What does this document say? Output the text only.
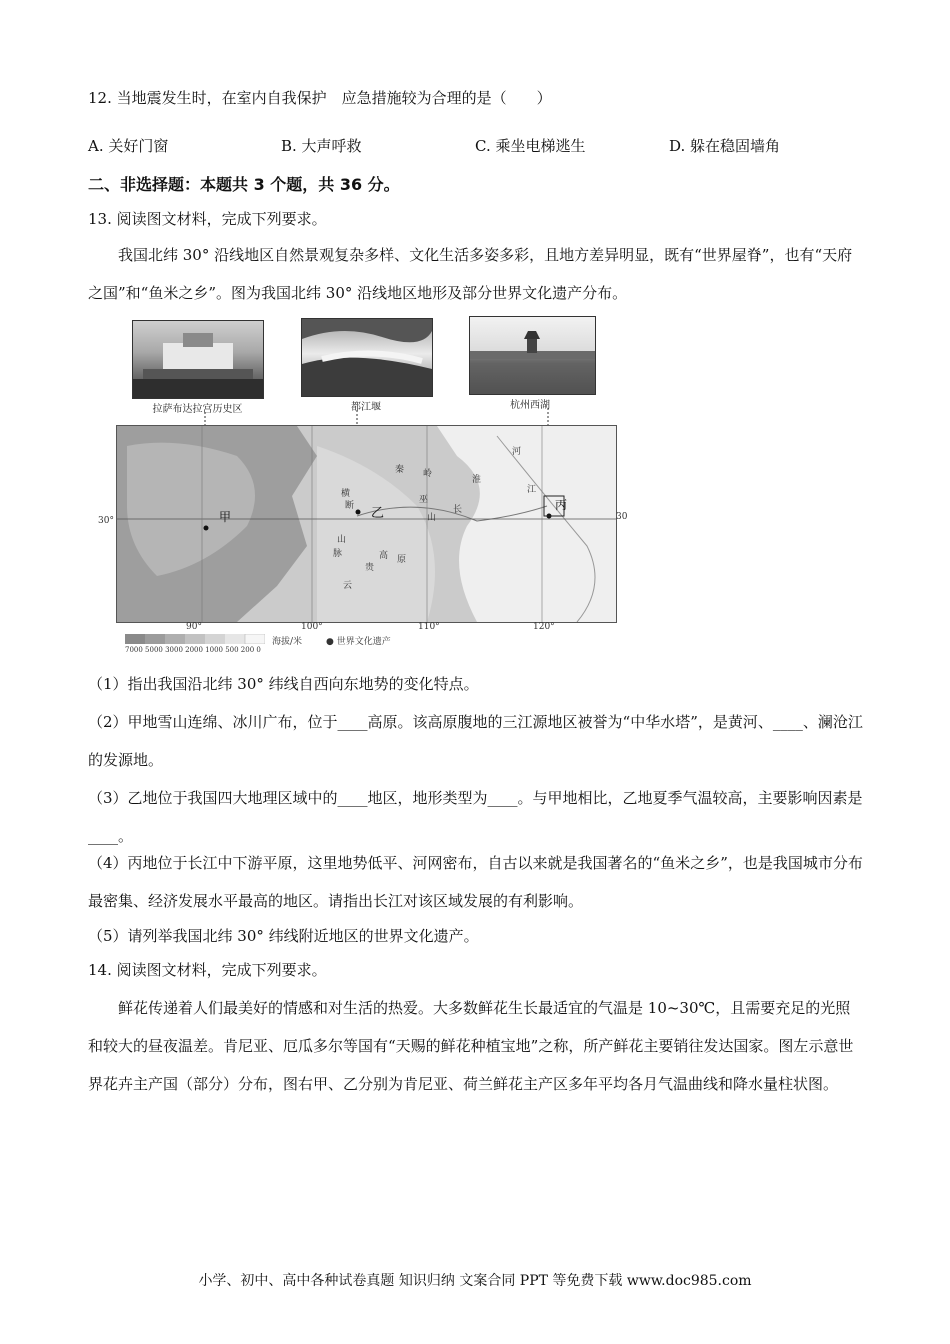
12. 当地震发生时，在室内自我保护　应急措施较为合理的是（　　）
A. 关好门窗	B. 大声呼救	C. 乘坐电梯逃生	D. 躲在稳固墙角
二、非选择题：本题共 3 个题，共 36 分。
13. 阅读图文材料，完成下列要求。
我国北纬 30° 沿线地区自然景观复杂多样、文化生活多姿多彩，且地方差异明显，既有“世界屋脊”，也有“天府之国”和“鱼米之乡”。图为我国北纬 30° 沿线地区地形及部分世界文化遗产分布。
拉萨布达拉宫历史区	都江堰	杭州西湖
甲	乙
丙
秦 岭
巫
山
淮
河
长
江
横
断
山
脉
云
贵
高 原
30°	30
90°	100°	110°	120°
7000 5000 3000 2000 1000 500 200 0
海拔/米	● 世界文化遗产
（1）指出我国沿北纬 30° 纬线自西向东地势的变化特点。
（2）甲地雪山连绵、冰川广布，位于____高原。该高原腹地的三江源地区被誉为“中华水塔”，是黄河、____、澜沧江的发源地。
（3）乙地位于我国四大地理区域中的____地区，地形类型为____。与甲地相比，乙地夏季气温较高，主要影响因素是____。
（4）丙地位于长江中下游平原，这里地势低平、河网密布，自古以来就是我国著名的“鱼米之乡”，也是我国城市分布最密集、经济发展水平最高的地区。请指出长江对该区域发展的有利影响。
（5）请列举我国北纬 30° 纬线附近地区的世界文化遗产。
14. 阅读图文材料，完成下列要求。
鲜花传递着人们最美好的情感和对生活的热爱。大多数鲜花生长最适宜的气温是 10~30℃，且需要充足的光照和较大的昼夜温差。肯尼亚、厄瓜多尔等国有“天赐的鲜花种植宝地”之称，所产鲜花主要销往发达国家。图左示意世界花卉主产国（部分）分布，图右甲、乙分别为肯尼亚、荷兰鲜花主产区多年平均各月气温曲线和降水量柱状图。
小学、初中、高中各种试卷真题 知识归纳 文案合同 PPT 等免费下载 www.doc985.com
